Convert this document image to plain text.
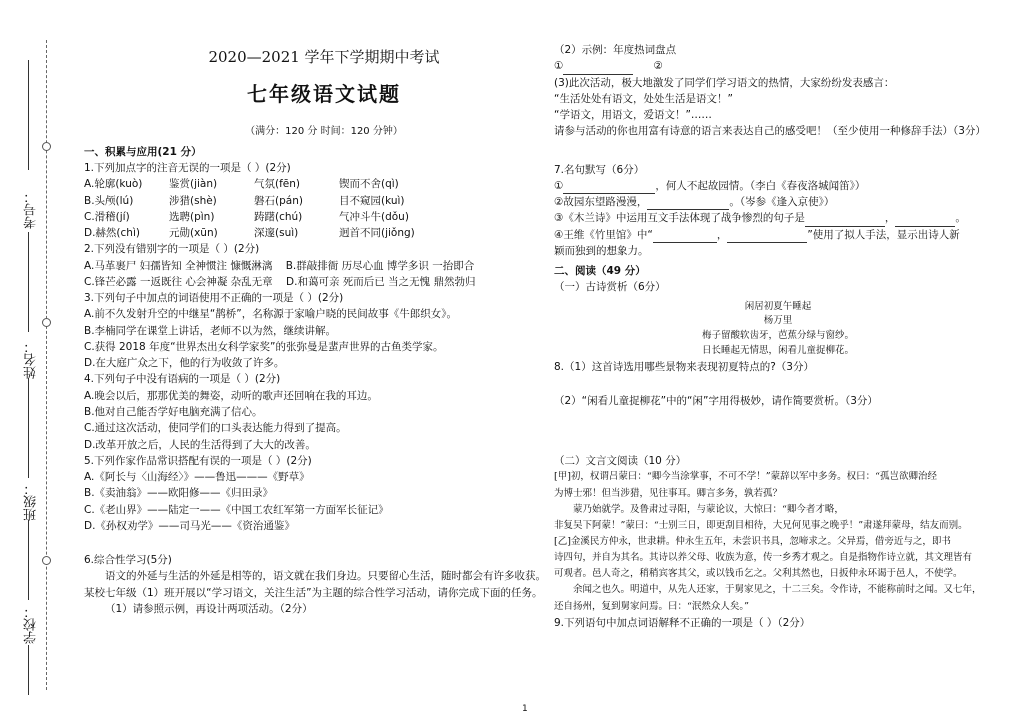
考号：
姓名：
班级：
学校：
2020—2021 学年下学期期中考试
七年级语文试题
（满分：120 分 时间：120 分钟）
一、积累与应用(21 分）
1.下列加点字的注音无误的一项是（ ）(2分)
A.轮廓(kuò)	鉴赏(jiàn)	气氛(fēn)	锲而不舍(qì)
B.头颅(lú)	涉猎(shè)	磐石(pán)	目不窥园(kuì)
C.滑稽(jí)	选聘(pìn)	踌躇(chú)	气冲斗牛(dǒu)
D.赫然(chì)	元勋(xūn)	深邃(suì)	迥首不同(jiǒng)
2.下列没有错别字的一项是（ ）(2分)
A.马革裹尸 妇孺皆知 全神惯注 慷慨淋漓 B.群敲排衙 历尽心血 博学多识 一抬即合
C.锋芒必露 一返既往 心会神凝 杂乱无章 D.和蔼可亲 死而后已 当之无愧 鼎然勃归
3.下列句子中加点的词语使用不正确的一项是（ ）(2分)
A.前不久发射升空的中继星“鹊桥”，名称源于家喻户晓的民间故事《牛郎织女》。
B.李楠同学在课堂上讲话，老师不以为然，继续讲解。
C.获得 2018 年度“世界杰出女科学家奖”的张弥曼是蜚声世界的古鱼类学家。
D.在大庭广众之下，他的行为收敛了许多。
4.下列句子中没有语病的一项是（ ）(2分)
A.晚会以后，那那优美的舞姿，动听的歌声还回响在我的耳边。
B.他对自己能否学好电脑充满了信心。
C.通过这次活动，使同学们的口头表达能力得到了提高。
D.改革开放之后，人民的生活得到了大大的改善。
5.下列作家作品常识搭配有误的一项是（ ）(2分)
A.《阿长与〈山海经〉》——鲁迅———《野草》
B.《卖油翁》——欧阳修——《归田录》
C.《老山界》——陆定一——《中国工农红军第一方面军长征记》
D.《孙权劝学》——司马光——《资治通鉴》
6.综合性学习(5分)
语文的外延与生活的外延是相等的，语文就在我们身边。只要留心生活，随时都会有许多收获。
某校七年级（1）班开展以“学习语文，关注生活”为主题的综合性学习活动，请你完成下面的任务。
（1）请参照示例，再设计两项活动。（2分）
（2）示例：年度热词盘点
①	②
(3)此次活动，极大地激发了同学们学习语文的热情，大家纷纷发表感言：
“生活处处有语文，处处生活是语文！”
“学语文，用语文，爱语文！”……
请参与活动的你也用富有诗意的语言来表达自己的感受吧！（至少使用一种修辞手法）（3分）
7.名句默写（6分）
①	，何人不起故园情。（李白《春夜洛城闻笛》）
②故园东望路漫漫，	。（岑参《逢入京使》）
③《木兰诗》中运用互文手法体现了战争惨烈的句子是	，	。
④王维《竹里馆》中“	，	”使用了拟人手法，显示出诗人新
颖而独到的想象力。
二、阅读（49 分）
（一）古诗赏析（6分）
闲居初夏午睡起
杨万里
梅子留酸软齿牙，芭蕉分绿与窗纱。
日长睡起无情思，闲看儿童捉柳花。
8.（1）这首诗选用哪些景物来表现初夏特点的?（3分）
（2）“闲看儿童捉柳花”中的“闲”字用得极妙，请作简要赏析。（3分）
（二）文言文阅读（10 分）
[甲]初，权谓吕蒙曰：“卿今当涂掌事，不可不学！”蒙辞以军中多务。权曰：“孤岂欲卿治经
为博士邪！但当涉猎，见往事耳。卿言多务，孰若孤？
蒙乃始就学。及鲁肃过寻阳，与蒙论议，大惊曰：“卿今者才略，
非复吴下阿蒙！”蒙曰：“士别三日，即更刮目相待，大兄何见事之晚乎！”肃遂拜蒙母，结友而别。
[乙]金溪民方仲永，世隶耕。仲永生五年，未尝识书具，忽啼求之。父异焉，借旁近与之，即书
诗四句，并自为其名。其诗以养父母、收族为意，传一乡秀才观之。自是指物作诗立就，其文理皆有
可观者。邑人奇之，稍稍宾客其父，或以钱币乞之。父利其然也，日扳仲永环谒于邑人，不使学。
余闻之也久。明道中，从先人还家，于舅家见之，十二三矣。令作诗，不能称前时之闻。又七年，
还自扬州，复到舅家问焉。曰：“泯然众人矣。”
9.下列语句中加点词语解释不正确的一项是（ ）（2分）
1
